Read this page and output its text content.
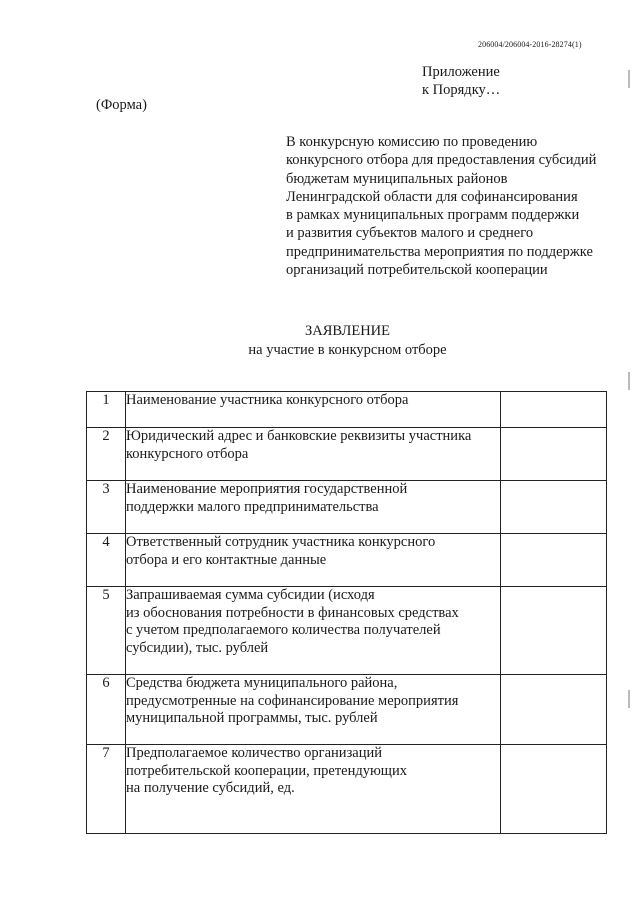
206004/206004-2016-28274(1)
Приложение
к Порядку…
(Форма)
В конкурсную комиссию по проведению
конкурсного отбора для предоставления субсидий
бюджетам муниципальных районов
Ленинградской области для софинансирования
в рамках муниципальных программ поддержки
и развития субъектов малого и среднего
предпринимательства мероприятия по поддержке
организаций потребительской кооперации
ЗАЯВЛЕНИЕ
на участие в конкурсном отборе
1	Наименование участника конкурсного отбора	

2	Юридический адрес и банковские реквизиты участника
конкурсного отбора	

3	Наименование мероприятия государственной
поддержки малого предпринимательства	

4	Ответственный сотрудник участника конкурсного
отбора и его контактные данные	

5	Запрашиваемая сумма субсидии (исходя
из обоснования потребности в финансовых средствах
с учетом предполагаемого количества получателей
субсидии), тыс. рублей	

6	Средства бюджета муниципального района,
предусмотренные на софинансирование мероприятия
муниципальной программы, тыс. рублей	

7	Предполагаемое количество организаций
потребительской кооперации, претендующих
на получение субсидий, ед.	
